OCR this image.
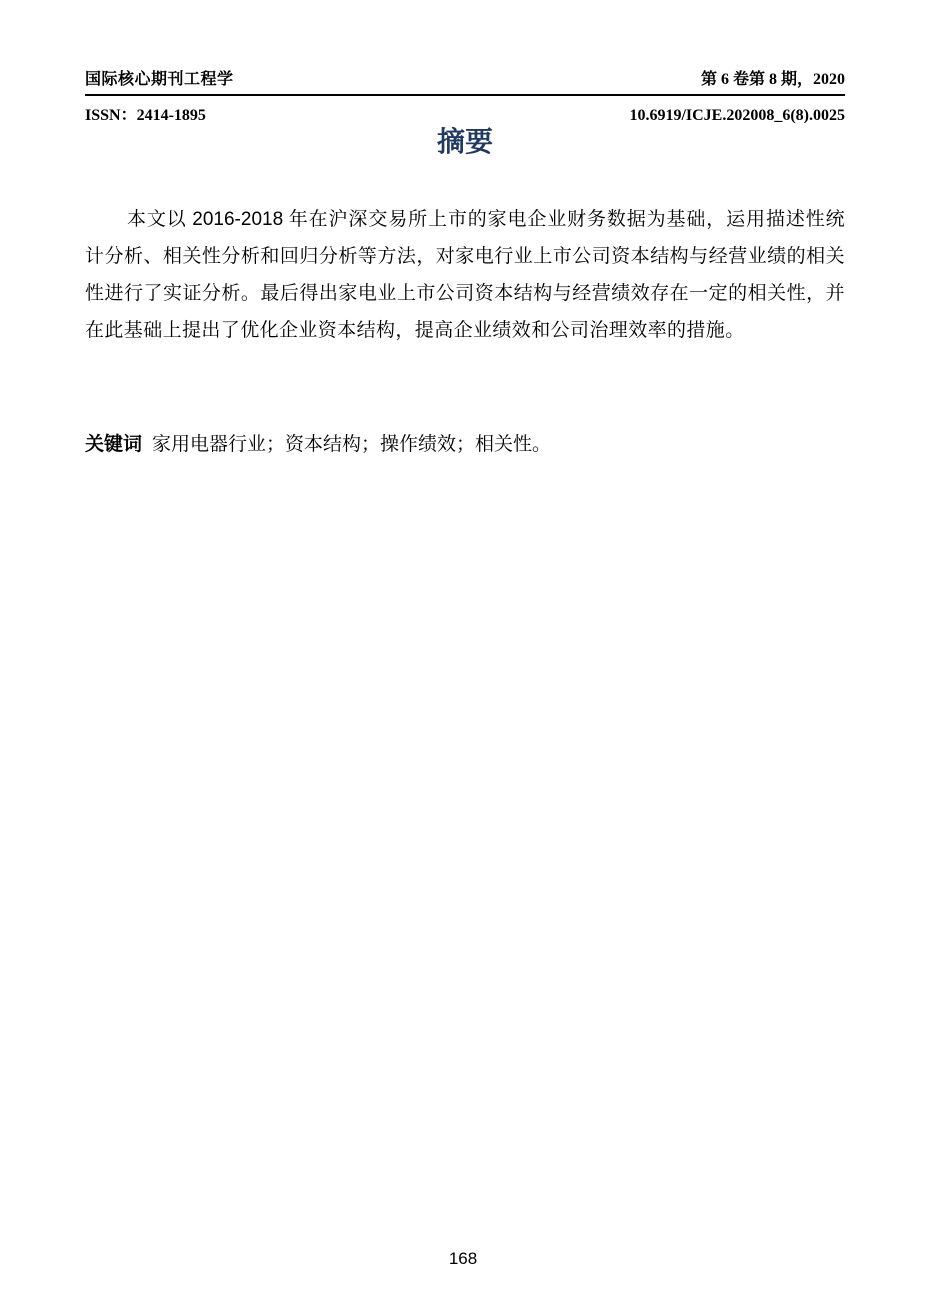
国际核心期刊工程学	第 6 卷第 8 期，2020
ISSN：2414-1895	10.6919/ICJE.202008_6(8).0025
摘要

本文以 2016-2018 年在沪深交易所上市的家电企业财务数据为基础，运用描述性统计分析、相关性分析和回归分析等方法，对家电行业上市公司资本结构与经营业绩的相关性进行了实证分析。最后得出家电业上市公司资本结构与经营绩效存在一定的相关性，并在此基础上提出了优化企业资本结构，提高企业绩效和公司治理效率的措施。

关键词 家用电器行业；资本结构；操作绩效；相关性。

168
